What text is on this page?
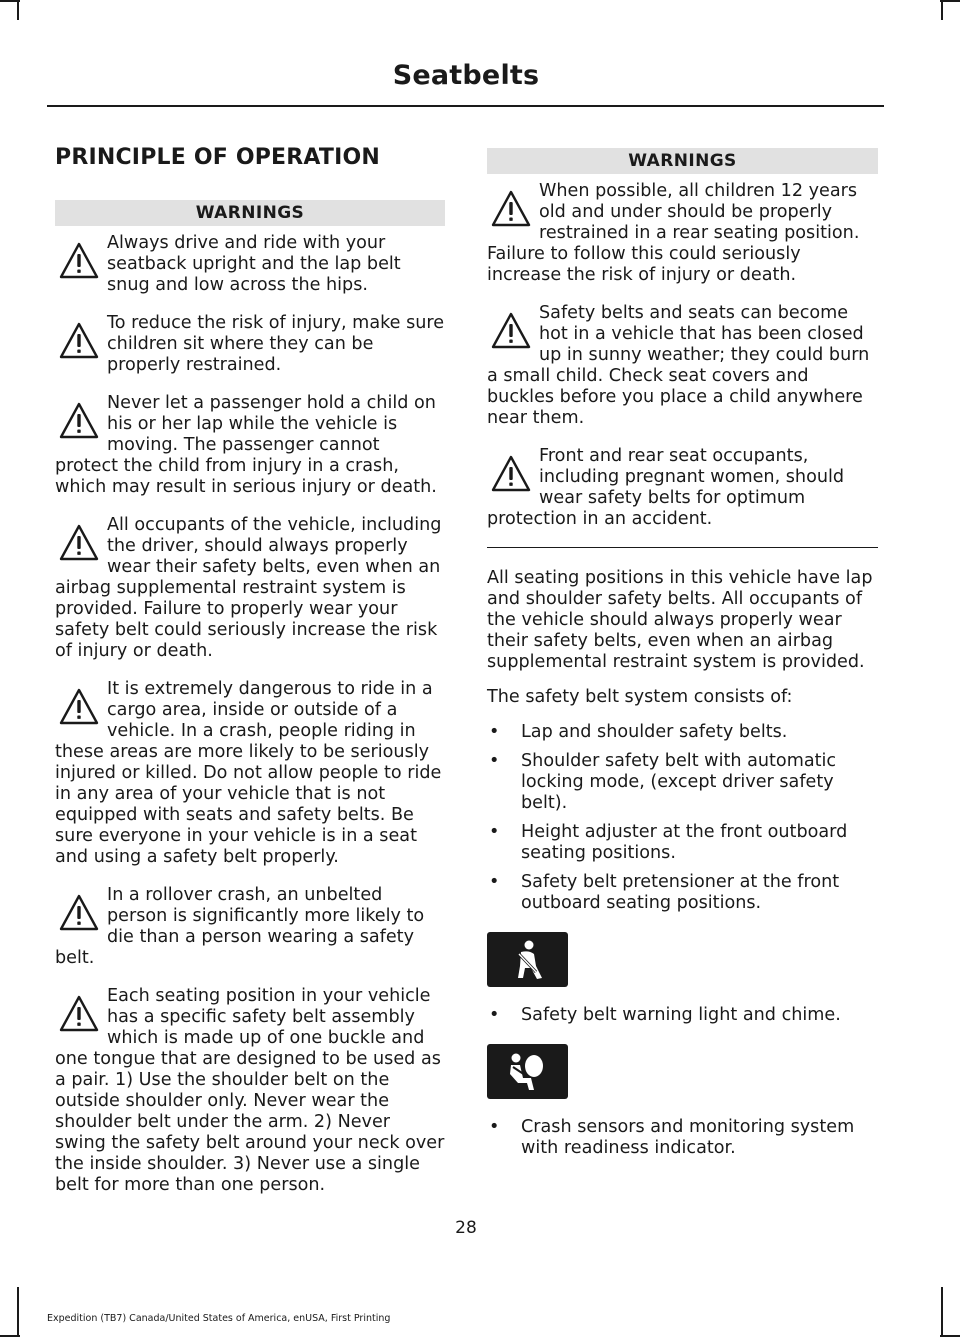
Seatbelts
PRINCIPLE OF OPERATION
WARNINGS
Always drive and ride with your seatback upright and the lap belt snug and low across the hips.
To reduce the risk of injury, make sure children sit where they can be properly restrained.
Never let a passenger hold a child on his or her lap while the vehicle is moving. The passenger cannot protect the child from injury in a crash, which may result in serious injury or death.
All occupants of the vehicle, including the driver, should always properly wear their safety belts, even when an airbag supplemental restraint system is provided. Failure to properly wear your safety belt could seriously increase the risk of injury or death.
It is extremely dangerous to ride in a cargo area, inside or outside of a vehicle. In a crash, people riding in these areas are more likely to be seriously injured or killed. Do not allow people to ride in any area of your vehicle that is not equipped with seats and safety belts. Be sure everyone in your vehicle is in a seat and using a safety belt properly.
In a rollover crash, an unbelted person is significantly more likely to die than a person wearing a safety belt.
Each seating position in your vehicle has a specific safety belt assembly which is made up of one buckle and one tongue that are designed to be used as a pair. 1) Use the shoulder belt on the outside shoulder only. Never wear the shoulder belt under the arm. 2) Never swing the safety belt around your neck over the inside shoulder. 3) Never use a single belt for more than one person.
WARNINGS
When possible, all children 12 years old and under should be properly restrained in a rear seating position. Failure to follow this could seriously increase the risk of injury or death.
Safety belts and seats can become hot in a vehicle that has been closed up in sunny weather; they could burn a small child. Check seat covers and buckles before you place a child anywhere near them.
Front and rear seat occupants, including pregnant women, should wear safety belts for optimum protection in an accident.
All seating positions in this vehicle have lap and shoulder safety belts. All occupants of the vehicle should always properly wear their safety belts, even when an airbag supplemental restraint system is provided.
The safety belt system consists of:
• Lap and shoulder safety belts.
• Shoulder safety belt with automatic locking mode, (except driver safety belt).
• Height adjuster at the front outboard seating positions.
• Safety belt pretensioner at the front outboard seating positions.
• Safety belt warning light and chime.
• Crash sensors and monitoring system with readiness indicator.
28
Expedition (TB7) Canada/United States of America, enUSA, First Printing
